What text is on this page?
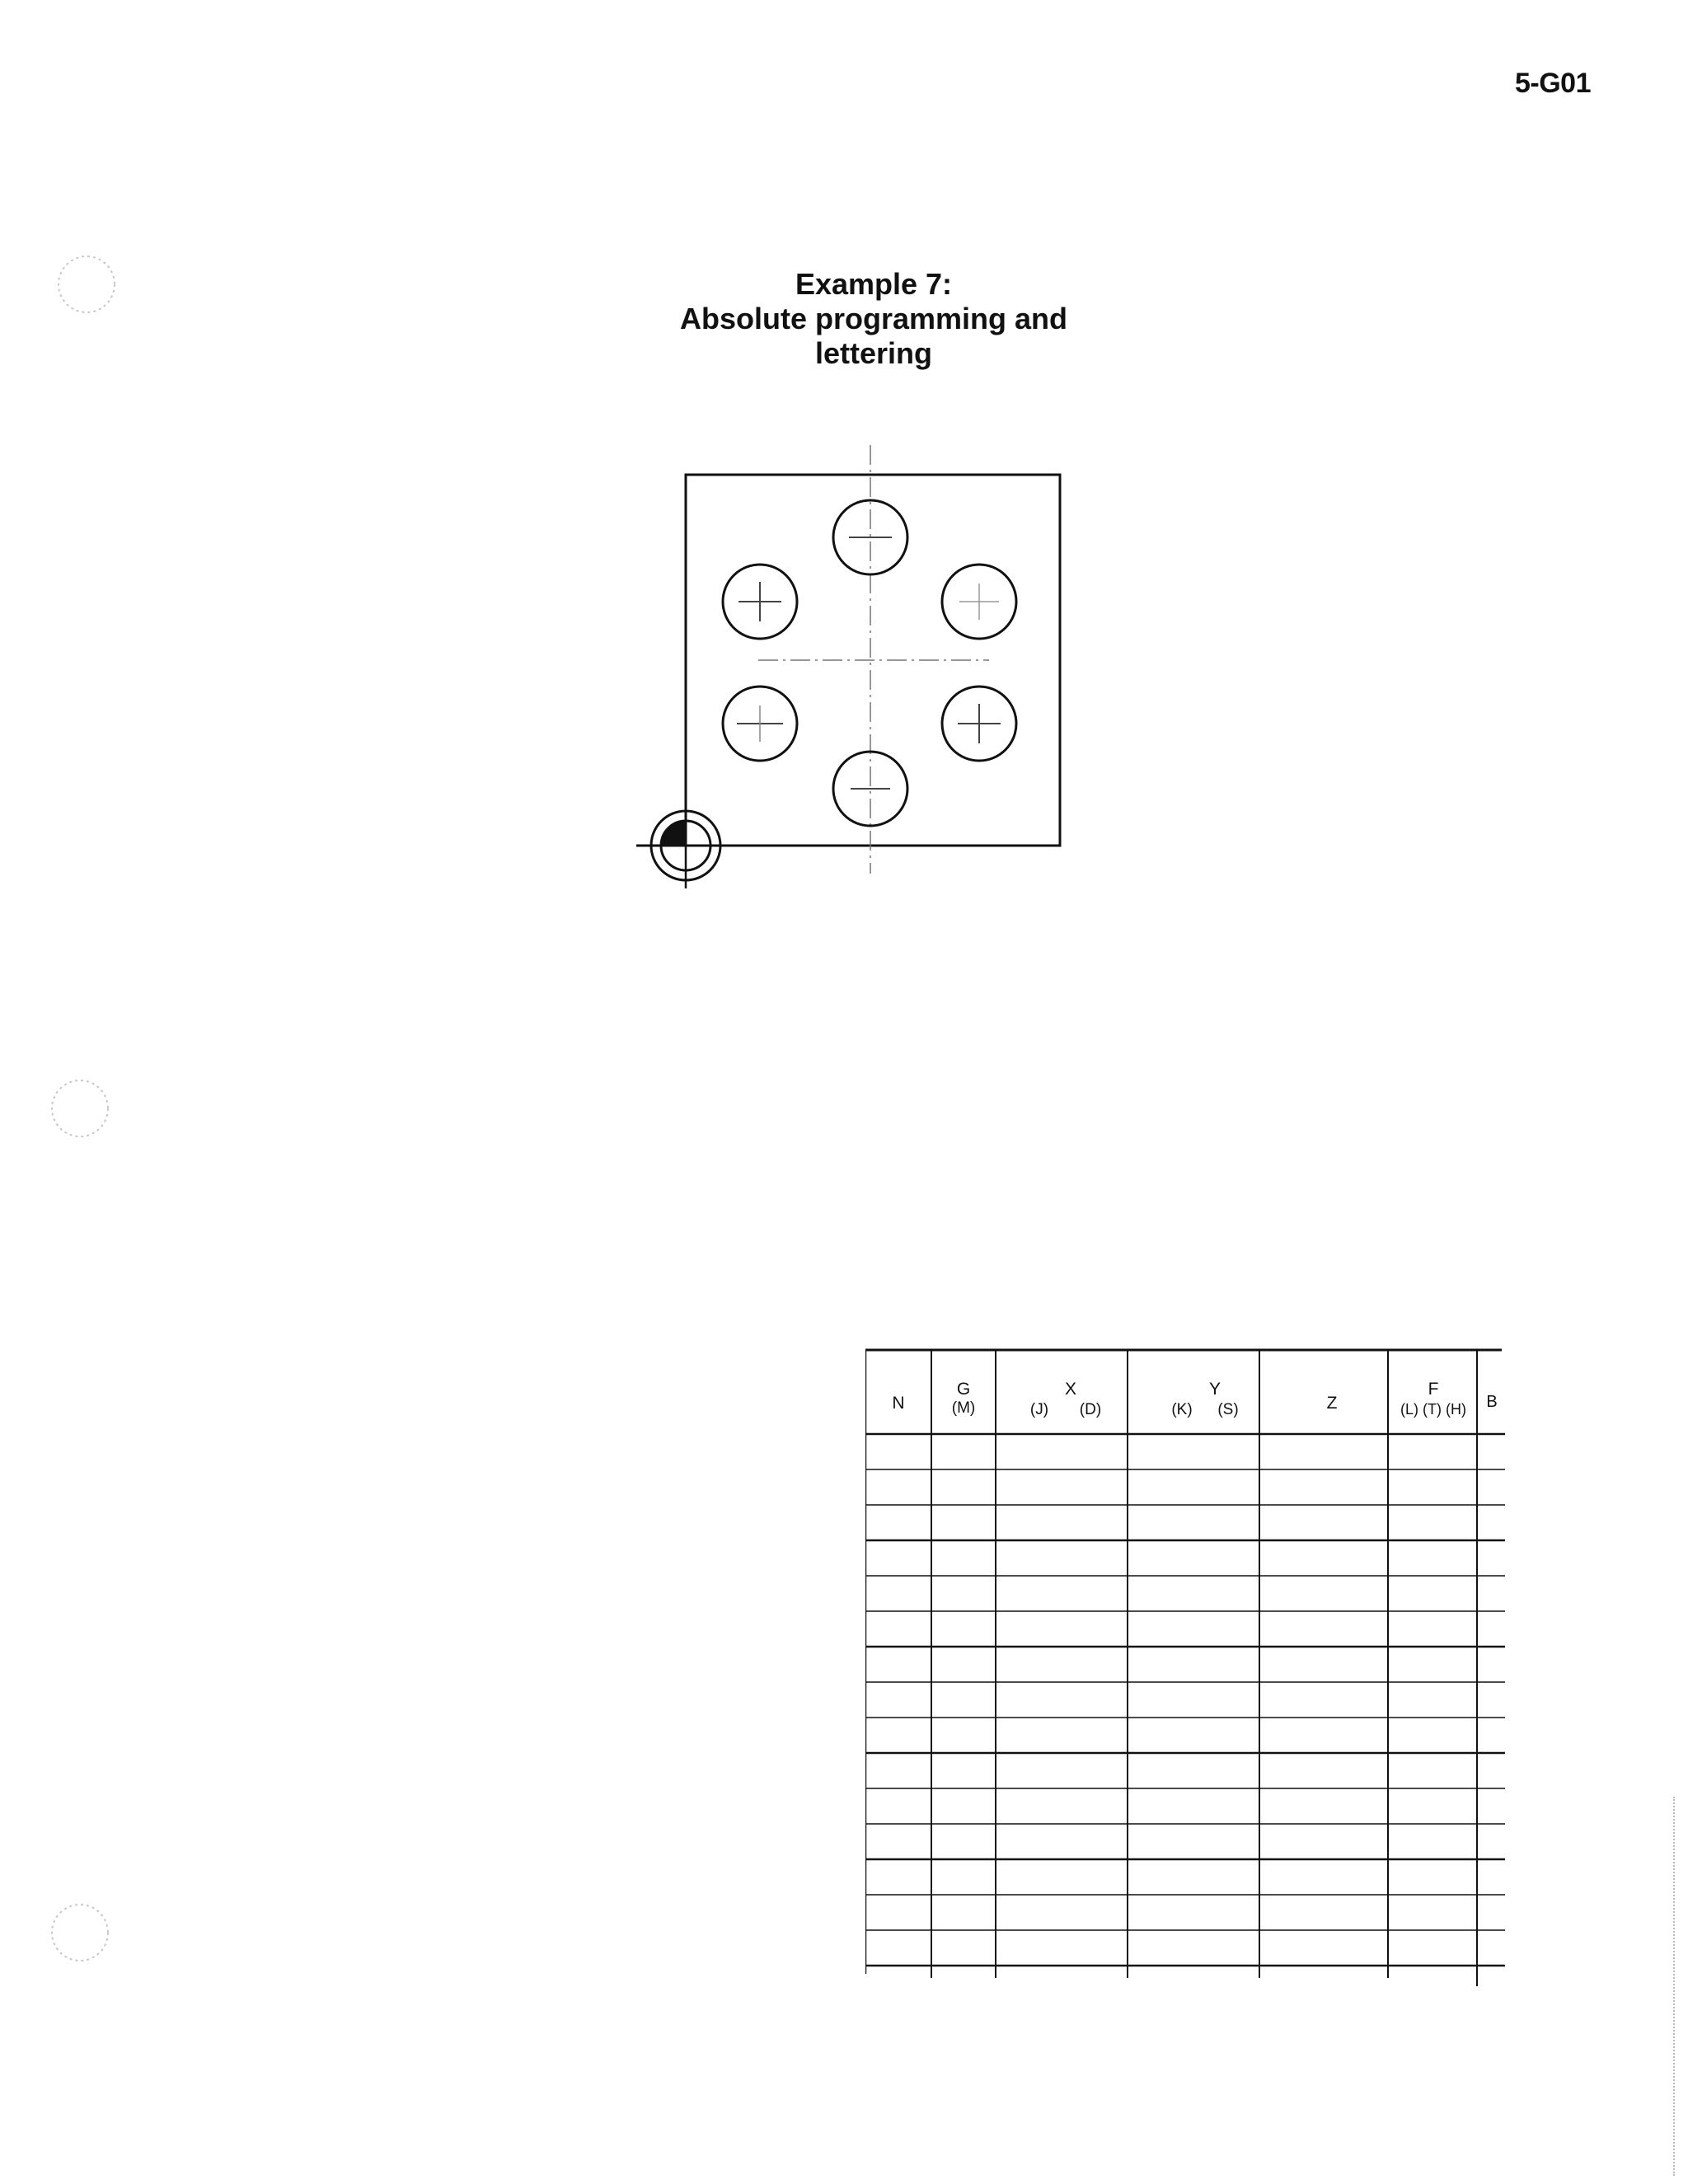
5-G01
Example 7:
Absolute programming and
lettering
N
G
(M)
X
(J) (D)
Y
(K) (S)	Z
F
(L) (T) (H) B
